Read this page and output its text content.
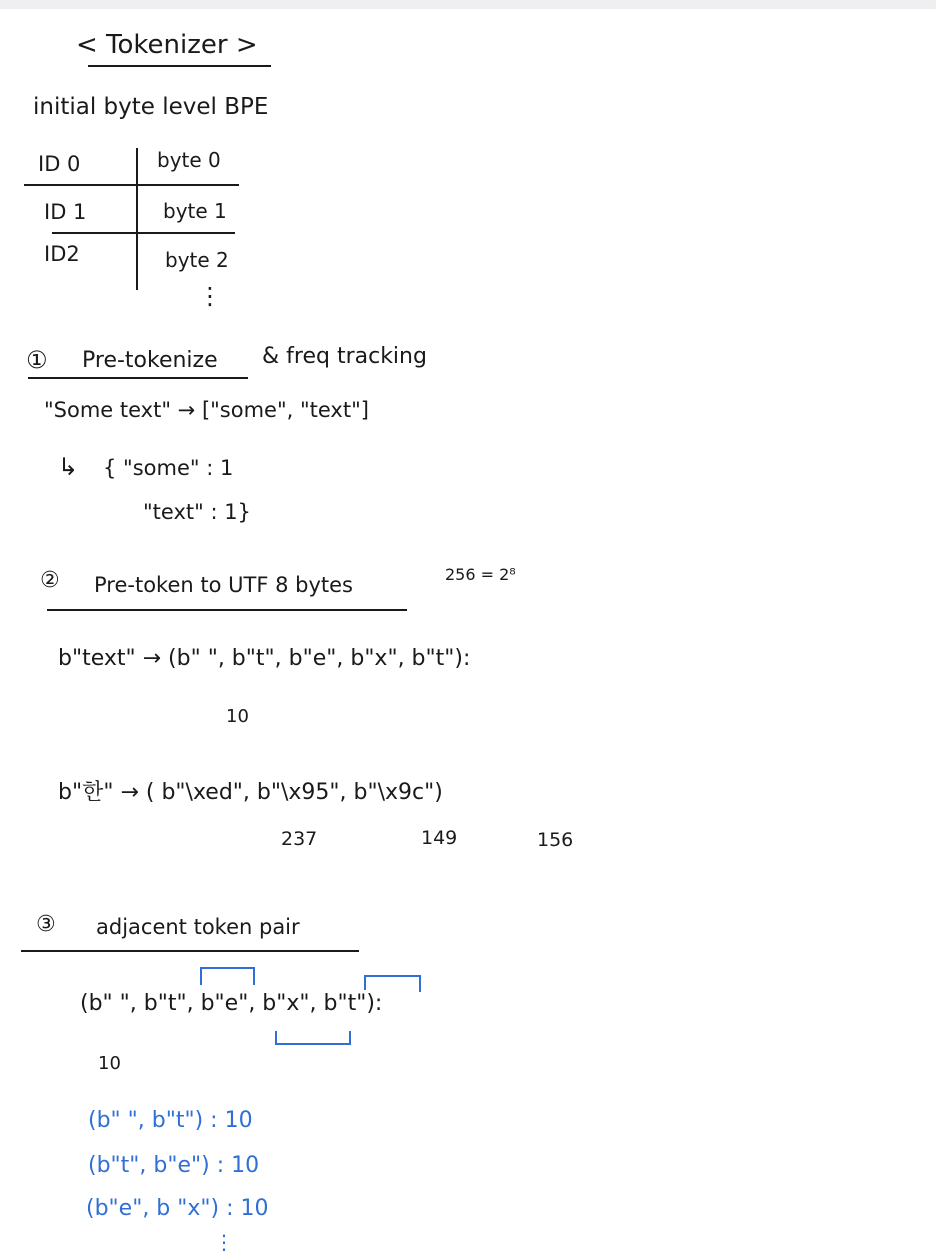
< Tokenizer >
initial byte level BPE
ID 0	byte 0
ID 1	byte 1
ID2	byte 2
⋮
① Pre-tokenize & freq tracking
"Some text" → ["some", "text"]
↳ { "some" : 1
"text" : 1}
② Pre-token to UTF 8 bytes	256 = 2⁸
b"text" → (b" ", b"t", b"e", b"x", b"t"):
10
b"한" → ( b"\xed", b"\x95", b"\x9c")
237	149	156
③ adjacent token pair
(b" ", b"t", b"e", b"x", b"t"):
10
(b" ", b"t") : 10
(b"t", b"e") : 10
(b"e", b "x") : 10
⋮
